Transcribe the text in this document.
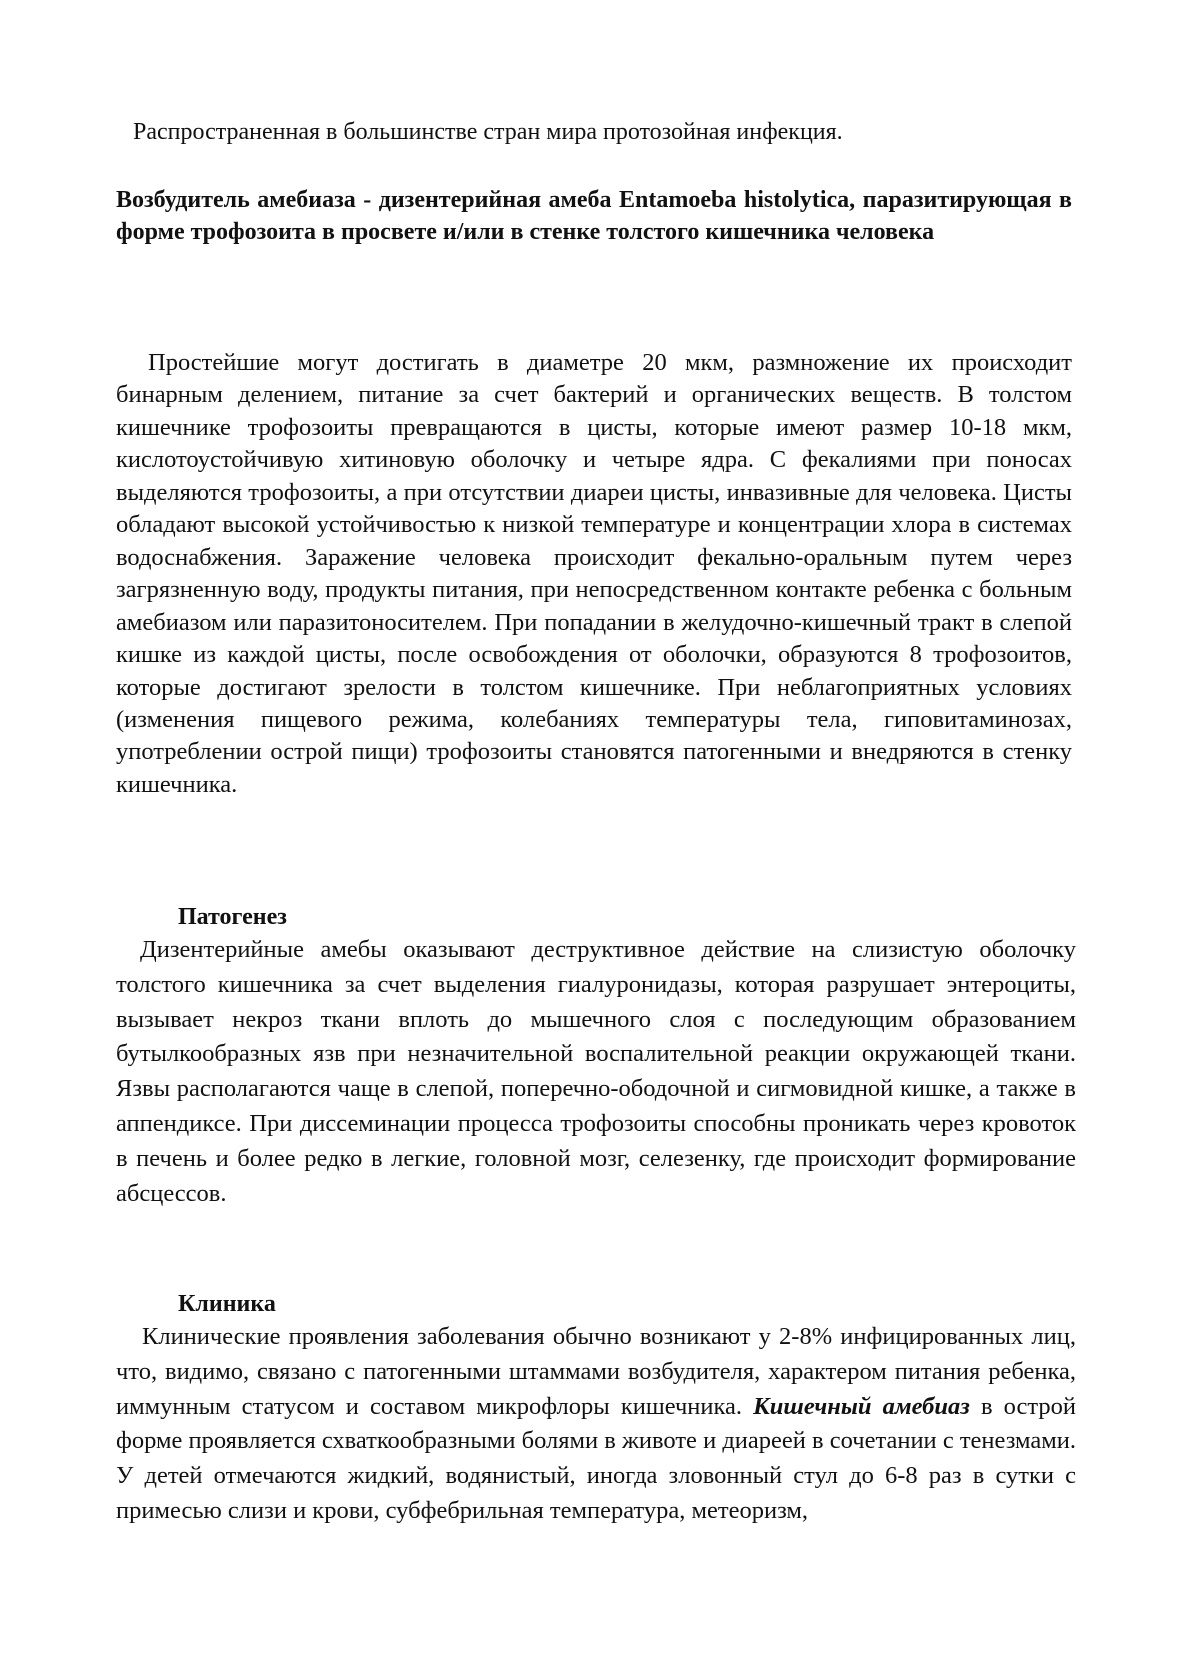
Распространенная в большинстве стран мира протозойная инфекция.
Возбудитель амебиаза - дизентерийная амеба Entamoeba histolytica, паразитирующая в форме трофозоита в просвете и/или в стенке толстого кишечника человека
Простейшие могут достигать в диаметре 20 мкм, размножение их происходит бинарным делением, питание за счет бактерий и органических веществ. В толстом кишечнике трофозоиты превращаются в цисты, которые имеют размер 10-18 мкм, кислотоустойчивую хитиновую оболочку и четыре ядра. С фекалиями при поносах выделяются трофозоиты, а при отсутствии диареи цисты, инвазивные для человека. Цисты обладают высокой устойчивостью к низкой температуре и концентрации хлора в системах водоснабжения. Заражение человека происходит фекально-оральным путем через загрязненную воду, продукты питания, при непосредственном контакте ребенка с больным амебиазом или паразитоносителем. При попадании в желудочно-кишечный тракт в слепой кишке из каждой цисты, после освобождения от оболочки, образуются 8 трофозоитов, которые достигают зрелости в толстом кишечнике. При неблагоприятных условиях (изменения пищевого режима, колебаниях температуры тела, гиповитаминозах, употреблении острой пищи) трофозоиты становятся патогенными и внедряются в стенку кишечника.
Патогенез
Дизентерийные амебы оказывают деструктивное действие на слизистую оболочку толстого кишечника за счет выделения гиалуронидазы, которая разрушает энтероциты, вызывает некроз ткани вплоть до мышечного слоя с последующим образованием бутылкообразных язв при незначительной воспалительной реакции окружающей ткани. Язвы располагаются чаще в слепой, поперечно-ободочной и сигмовидной кишке, а также в аппендиксе. При диссеминации процесса трофозоиты способны проникать через кровоток в печень и более редко в легкие, головной мозг, селезенку, где происходит формирование абсцессов.
Клиника
Клинические проявления заболевания обычно возникают у 2-8% инфицированных лиц, что, видимо, связано с патогенными штаммами возбудителя, характером питания ребенка, иммунным статусом и составом микрофлоры кишечника. Кишечный амебиаз в острой форме проявляется схваткообразными болями в животе и диареей в сочетании с тенезмами. У детей отмечаются жидкий, водянистый, иногда зловонный стул до 6-8 раз в сутки с примесью слизи и крови, субфебрильная температура, метеоризм,
